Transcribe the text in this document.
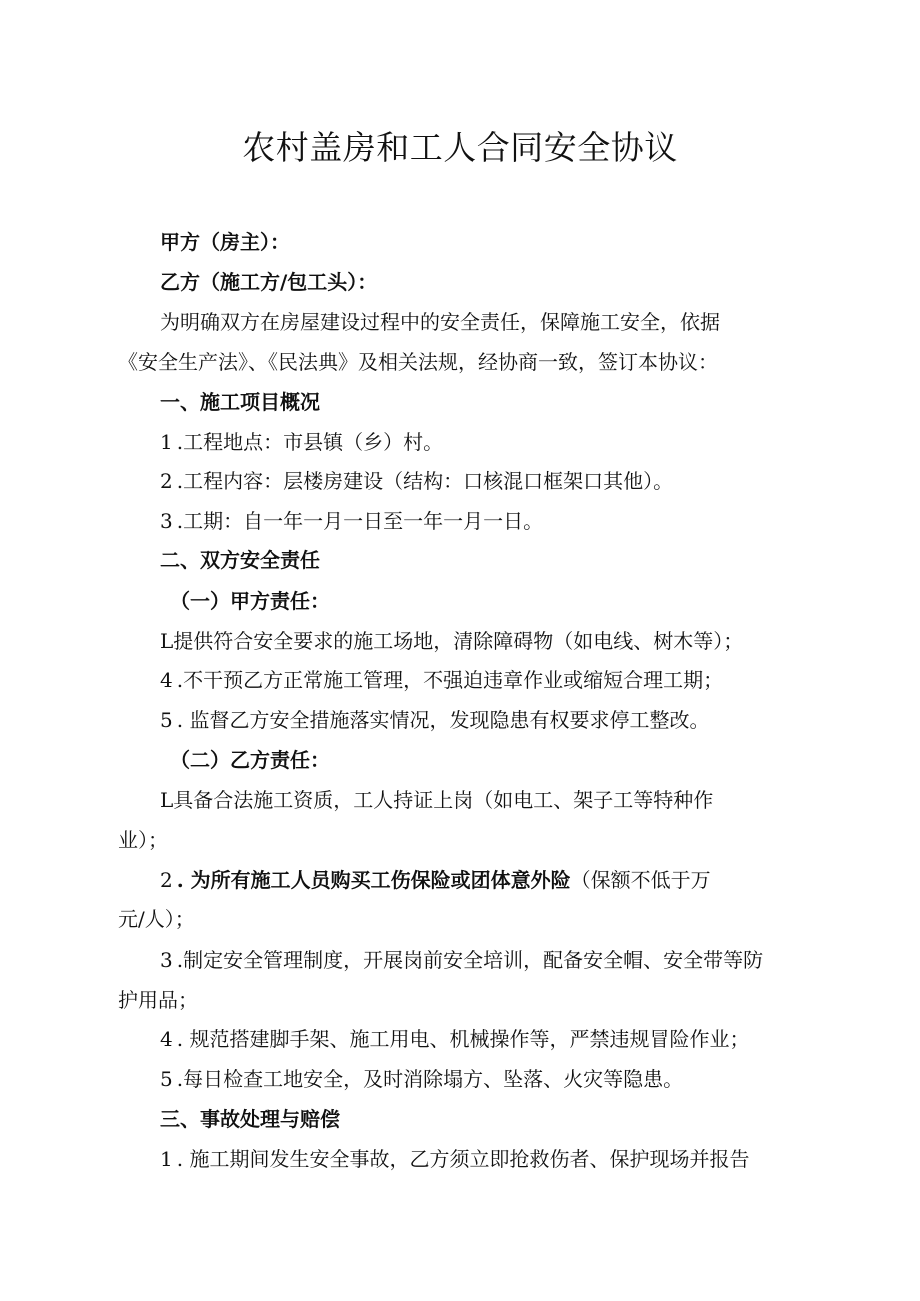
农村盖房和工人合同安全协议
甲方（房主）：
乙方（施工方/包工头）：
为明确双方在房屋建设过程中的安全责任，保障施工安全，依据
《安全生产法》、《民法典》及相关法规，经协商一致，签订本协议：
一、施工项目概况
1 .工程地点：市县镇（乡）村。
2 .工程内容：层楼房建设（结构：口核混口框架口其他）。
3 .工期：自一年一月一日至一年一月一日。
二、双方安全责任
（一）甲方责任：
L提供符合安全要求的施工场地，清除障碍物（如电线、树木等）；
4 .不干预乙方正常施工管理，不强迫违章作业或缩短合理工期；
5 . 监督乙方安全措施落实情况，发现隐患有权要求停工整改。
（二）乙方责任：
L具备合法施工资质，工人持证上岗（如电工、架子工等特种作
业）；
2 . 为所有施工人员购买工伤保险或团体意外险（保额不低于万
元/人）；
3 .制定安全管理制度，开展岗前安全培训，配备安全帽、安全带等防
护用品；
4 . 规范搭建脚手架、施工用电、机械操作等，严禁违规冒险作业；
5 .每日检查工地安全，及时消除塌方、坠落、火灾等隐患。
三、事故处理与赔偿
1 . 施工期间发生安全事故，乙方须立即抢救伤者、保护现场并报告
